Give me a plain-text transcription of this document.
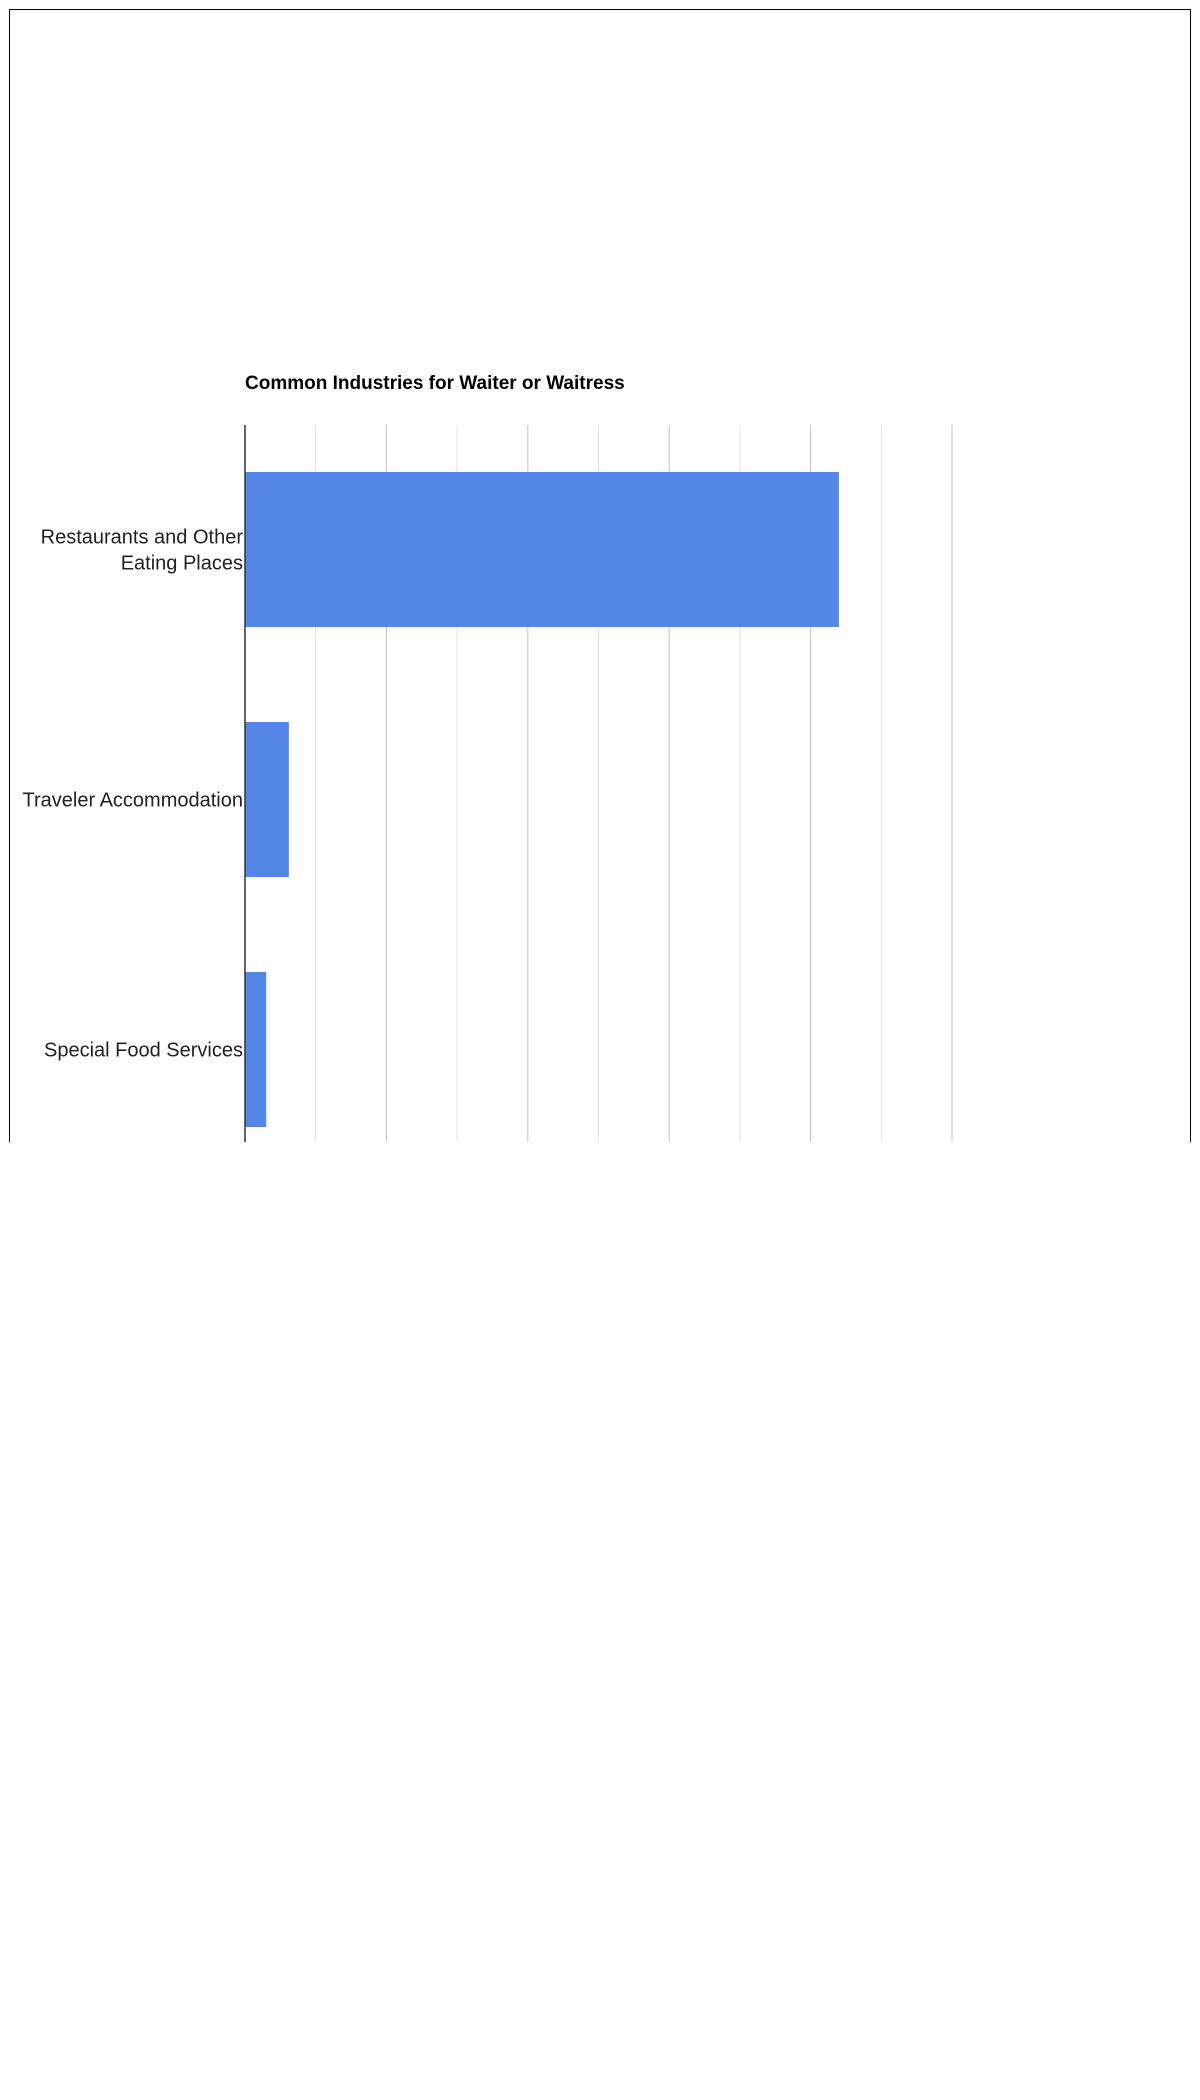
Common Industries for Waiter or Waitress
Restaurants and Other
Eating Places
Traveler Accommodation
Special Food Services
